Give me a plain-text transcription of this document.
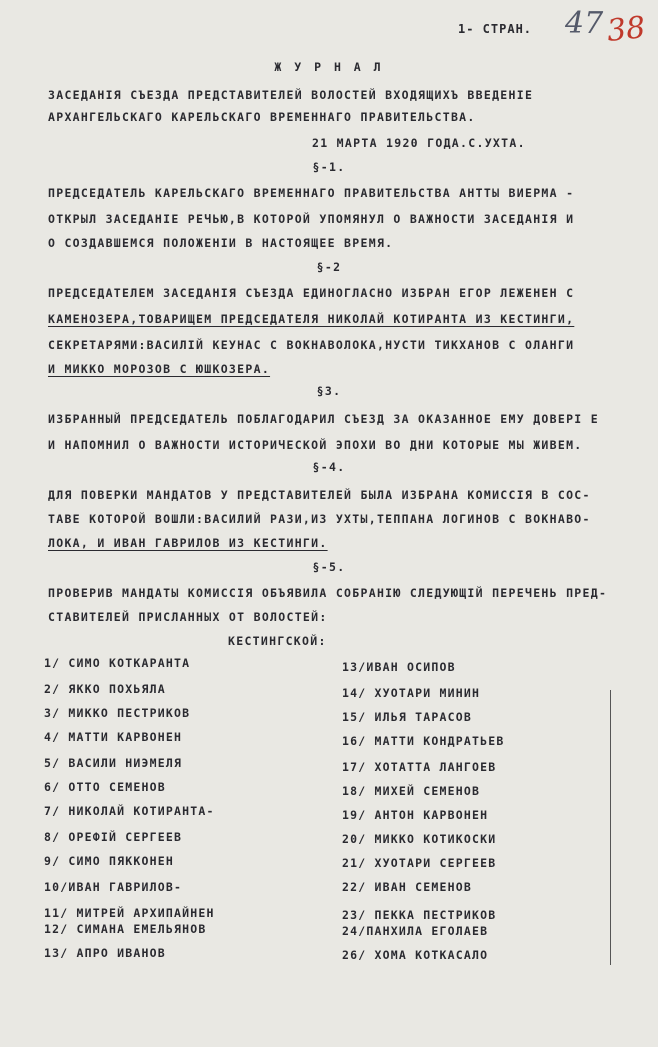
47 38
1- СТРАН.
Ж У Р Н А Л
ЗАСЕДАНІЯ СЪЕЗДА ПРЕДСТАВИТЕЛЕЙ ВОЛОСТЕЙ ВХОДЯЩИХЪ ВВЕДЕНІЕ
АРХАНГЕЛЬСКАГО КАРЕЛЬСКАГО ВРЕМЕННАГО ПРАВИТЕЛЬСТВА.
21 МАРТА 1920 ГОДА.С.УХТА.
§-1.
ПРЕДСЕДАТЕЛЬ КАРЕЛЬСКАГО ВРЕМЕННАГО ПРАВИТЕЛЬСТВА АНТТЫ ВИЕРМА -
ОТКРЫЛ ЗАСЕДАНІЕ РЕЧЬЮ,В КОТОРОЙ УПОМЯНУЛ О ВАЖНОСТИ ЗАСЕДАНІЯ И
О СОЗДАВШЕМСЯ ПОЛОЖЕНІИ В НАСТОЯЩЕЕ ВРЕМЯ.
§-2
ПРЕДСЕДАТЕЛЕМ ЗАСЕДАНІЯ СЪЕЗДА ЕДИНОГЛАСНО ИЗБРАН ЕГОР ЛЕЖЕНЕН С
КАМЕНОЗЕРА,ТОВАРИЩЕМ ПРЕДСЕДАТЕЛЯ НИКОЛАЙ КОТИРАНТА ИЗ КЕСТИНГИ,
СЕКРЕТАРЯМИ:ВАСИЛІЙ КЕУНАС С ВОКНАВОЛОКА,НУСТИ ТИКХАНОВ С ОЛАНГИ
И МИККО МОРОЗОВ С ЮШКОЗЕРА.
§3.
ИЗБРАННЫЙ ПРЕДСЕДАТЕЛЬ ПОБЛАГОДАРИЛ СЪЕЗД ЗА ОКАЗАННОЕ ЕМУ ДОВЕРІ Е
И НАПОМНИЛ О ВАЖНОСТИ ИСТОРИЧЕСКОЙ ЭПОХИ ВО ДНИ КОТОРЫЕ МЫ ЖИВЕМ.
§-4.
ДЛЯ ПОВЕРКИ МАНДАТОВ У ПРЕДСТАВИТЕЛЕЙ БЫЛА ИЗБРАНА КОМИССІЯ В СОС-
ТАВЕ КОТОРОЙ ВОШЛИ:ВАСИЛИЙ РАЗИ,ИЗ УХТЫ,ТЕППАНА ЛОГИНОВ С ВОКНАВО-
ЛОКА, И ИВАН ГАВРИЛОВ ИЗ КЕСТИНГИ.
§-5.
ПРОВЕРИВ МАНДАТЫ КОМИССІЯ ОБЪЯВИЛА СОБРАНІЮ СЛЕДУЮЩІЙ ПЕРЕЧЕНЬ ПРЕД-
СТАВИТЕЛЕЙ ПРИСЛАННЫХ ОТ ВОЛОСТЕЙ:
КЕСТИНГСКОЙ:
1/ СИМО КОТКАРАНТА
2/ ЯККО ПОХЬЯЛА
3/ МИККО ПЕСТРИКОВ
4/ МАТТИ КАРВОНЕН
5/ ВАСИЛИ НИЭМЕЛЯ
6/ ОТТО СЕМЕНОВ
7/ НИКОЛАЙ КОТИРАНТА-
8/ ОРЕФІЙ СЕРГЕЕВ
9/ СИМО ПЯККОНЕН
10/ИВАН ГАВРИЛОВ-
11/ МИТРЕЙ АРХИПАЙНЕН
12/ СИМАНА ЕМЕЛЬЯНОВ
13/ АПРО ИВАНОВ
13/ИВАН ОСИПОВ
14/ ХУОТАРИ МИНИН
15/ ИЛЬЯ ТАРАСОВ
16/ МАТТИ КОНДРАТЬЕВ
17/ ХОТАТТА ЛАНГОЕВ
18/ МИХЕЙ СЕМЕНОВ
19/ АНТОН КАРВОНЕН
20/ МИККО КОТИКОСКИ
21/ ХУОТАРИ СЕРГЕЕВ
22/ ИВАН СЕМЕНОВ
23/ ПЕККА ПЕСТРИКОВ
24/ПАНХИЛА ЕГОЛАЕВ
26/ ХОМА КОТКАСАЛО
